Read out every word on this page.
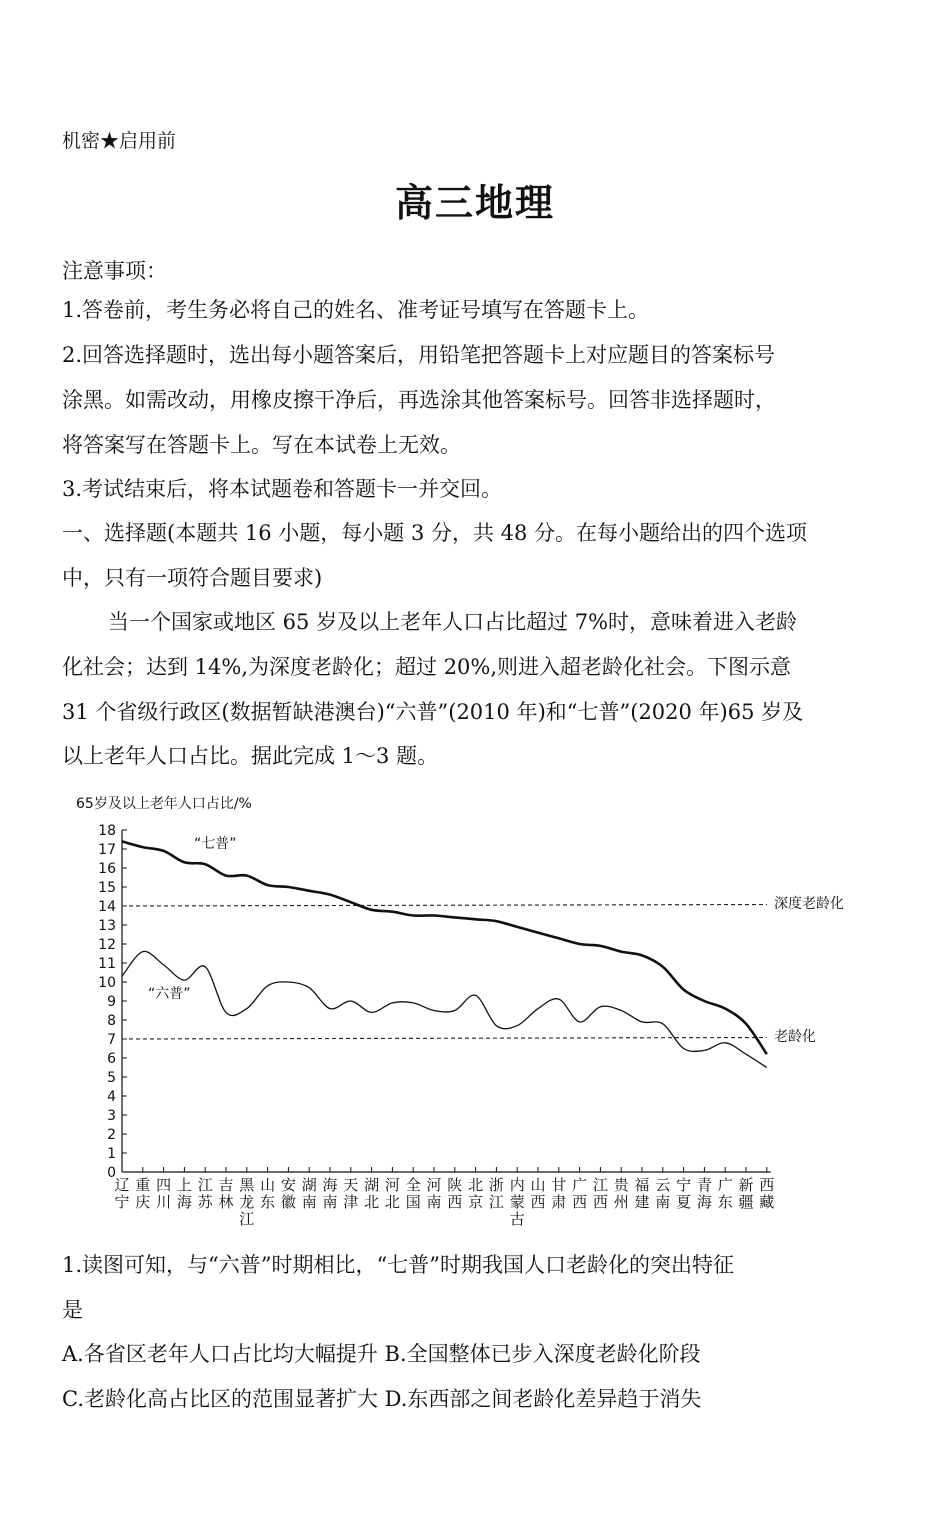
机密★启用前
高三地理
注意事项：
1.答卷前，考生务必将自己的姓名、准考证号填写在答题卡上。
2.回答选择题时，选出每小题答案后，用铅笔把答题卡上对应题目的答案标号
涂黑。如需改动，用橡皮擦干净后，再选涂其他答案标号。回答非选择题时，
将答案写在答题卡上。写在本试卷上无效。
3.考试结束后，将本试题卷和答题卡一并交回。
一、选择题(本题共 16 小题，每小题 3 分，共 48 分。在每小题给出的四个选项
中，只有一项符合题目要求)
当一个国家或地区 65 岁及以上老年人口占比超过 7%时，意味着进入老龄
化社会；达到 14%,为深度老龄化；超过 20%,则进入超老龄化社会。下图示意
31 个省级行政区(数据暂缺港澳台)“六普”(2010 年)和“七普”(2020 年)65 岁及
以上老年人口占比。据此完成 1～3 题。
65岁及以上老年人口占比/%
0
1
2
3
4
5
6
7
8
9
10
11
12
13
14
15
16
17
18
深度老龄化
老龄化
“七普”
“六普”
辽宁
重庆
四川
上海
江苏
吉林
黑龙江
山东
安徽
湖南
海南
天津
湖北
河北
全国
河南
陕西
北京
浙江
内蒙古
山西
甘肃
广西
江西
贵州
福建
云南
宁夏
青海
广东
新疆
西藏
1.读图可知，与“六普”时期相比，“七普”时期我国人口老龄化的突出特征
是
A.各省区老年人口占比均大幅提升 B.全国整体已步入深度老龄化阶段
C.老龄化高占比区的范围显著扩大 D.东西部之间老龄化差异趋于消失
